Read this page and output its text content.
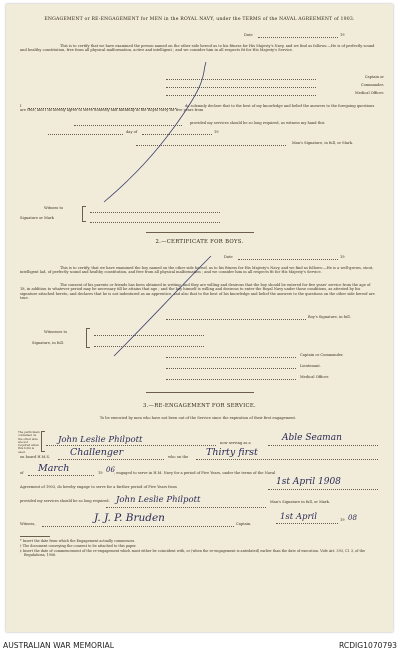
ENGAGEMENT or RE-ENGAGEMENT for MEN in the ROYAL NAVY, under the TERMS of the NAVAL AGREEMENT of 1903.
Date	19
This is to certify that we have examined the person named on the other side hereof as to his fitness for His Majesty's Navy, and we find as follows:—He is of perfectly sound and healthy constitution, free from all physical malformation, active and intelligent ; and we consider him in all respects fit for His Majesty's Service.
Captain or
Commander.
Medical Officer.
I	do solemnly declare that to the best of my knowledge and belief the answers to the foregoing questions are true, and I do hereby agree to serve honestly and faithfully in the Royal Navy for five years from
provided my services should be so long required, as witness my hand this
day of	19
Man's Signature, in full, or Mark.
Witness to
Signature or Mark
2.—CERTIFICATE FOR BOYS.
Date	19
This is to certify, that we have examined the boy named on the other side hereof, as to his fitness for His Majesty's Navy, and we find as follows:—He is a well-grown, stout, intelligent lad, of perfectly sound and healthy constitution, and free from all physical malformation ; and we consider him in all respects fit for His Majesty's Service.
The consent of his parents or friends has been obtained in writing, and they are willing and desirous that the boy should be entered for five years' service from the age of 18, in addition to whatever period may be necessary till he attains that age ; and the boy himself is willing and desirous to enter the Royal Navy under those conditions, as attested by his signature attached hereto, and declares that he is not indentured as an apprentice, and also that to the best of his knowledge and belief the answers to the questions on the other side hereof are true.
Boy's Signature, in full.
Witnesses to
Signature, in full.
Captain or Commander.
Lieutenant.
Medical Officer.
3.—RE-ENGAGEMENT FOR SERVICE.
To be executed by men who have not been out of the Service since the expiration of their first engagement.
The particulars contained on the other side are not required when this form is used.
John Leslie Philpott	now serving as a	Able Seaman
on board H.M.S. Challenger	who on the Thirty first
of March	19 06 , engaged to serve in H.M. Navy for a period of Five Years, under the terms of the Naval
Agreement of 1903, do hereby engage to serve for a further period of Five Years from	1st April 1908
provided my services should be so long required. John Leslie Philpott	Man's Signature in full, or Mark.
Witness,	J. J. P. Bruden	Captain.
1st April	19 08
* Insert the date from which the Engagement actually commences.
† The document conveying the consent to be attached to this paper.
‡ Insert the date of commencement of the re-engagement which must either be coincident with, or (when the re-engagement is antedated) earlier than the date of execution. Vide Art. 393, Cl. 3, of the Regulations, 1906.
AUSTRALIAN WAR MEMORIAL	RCDIG1070793
